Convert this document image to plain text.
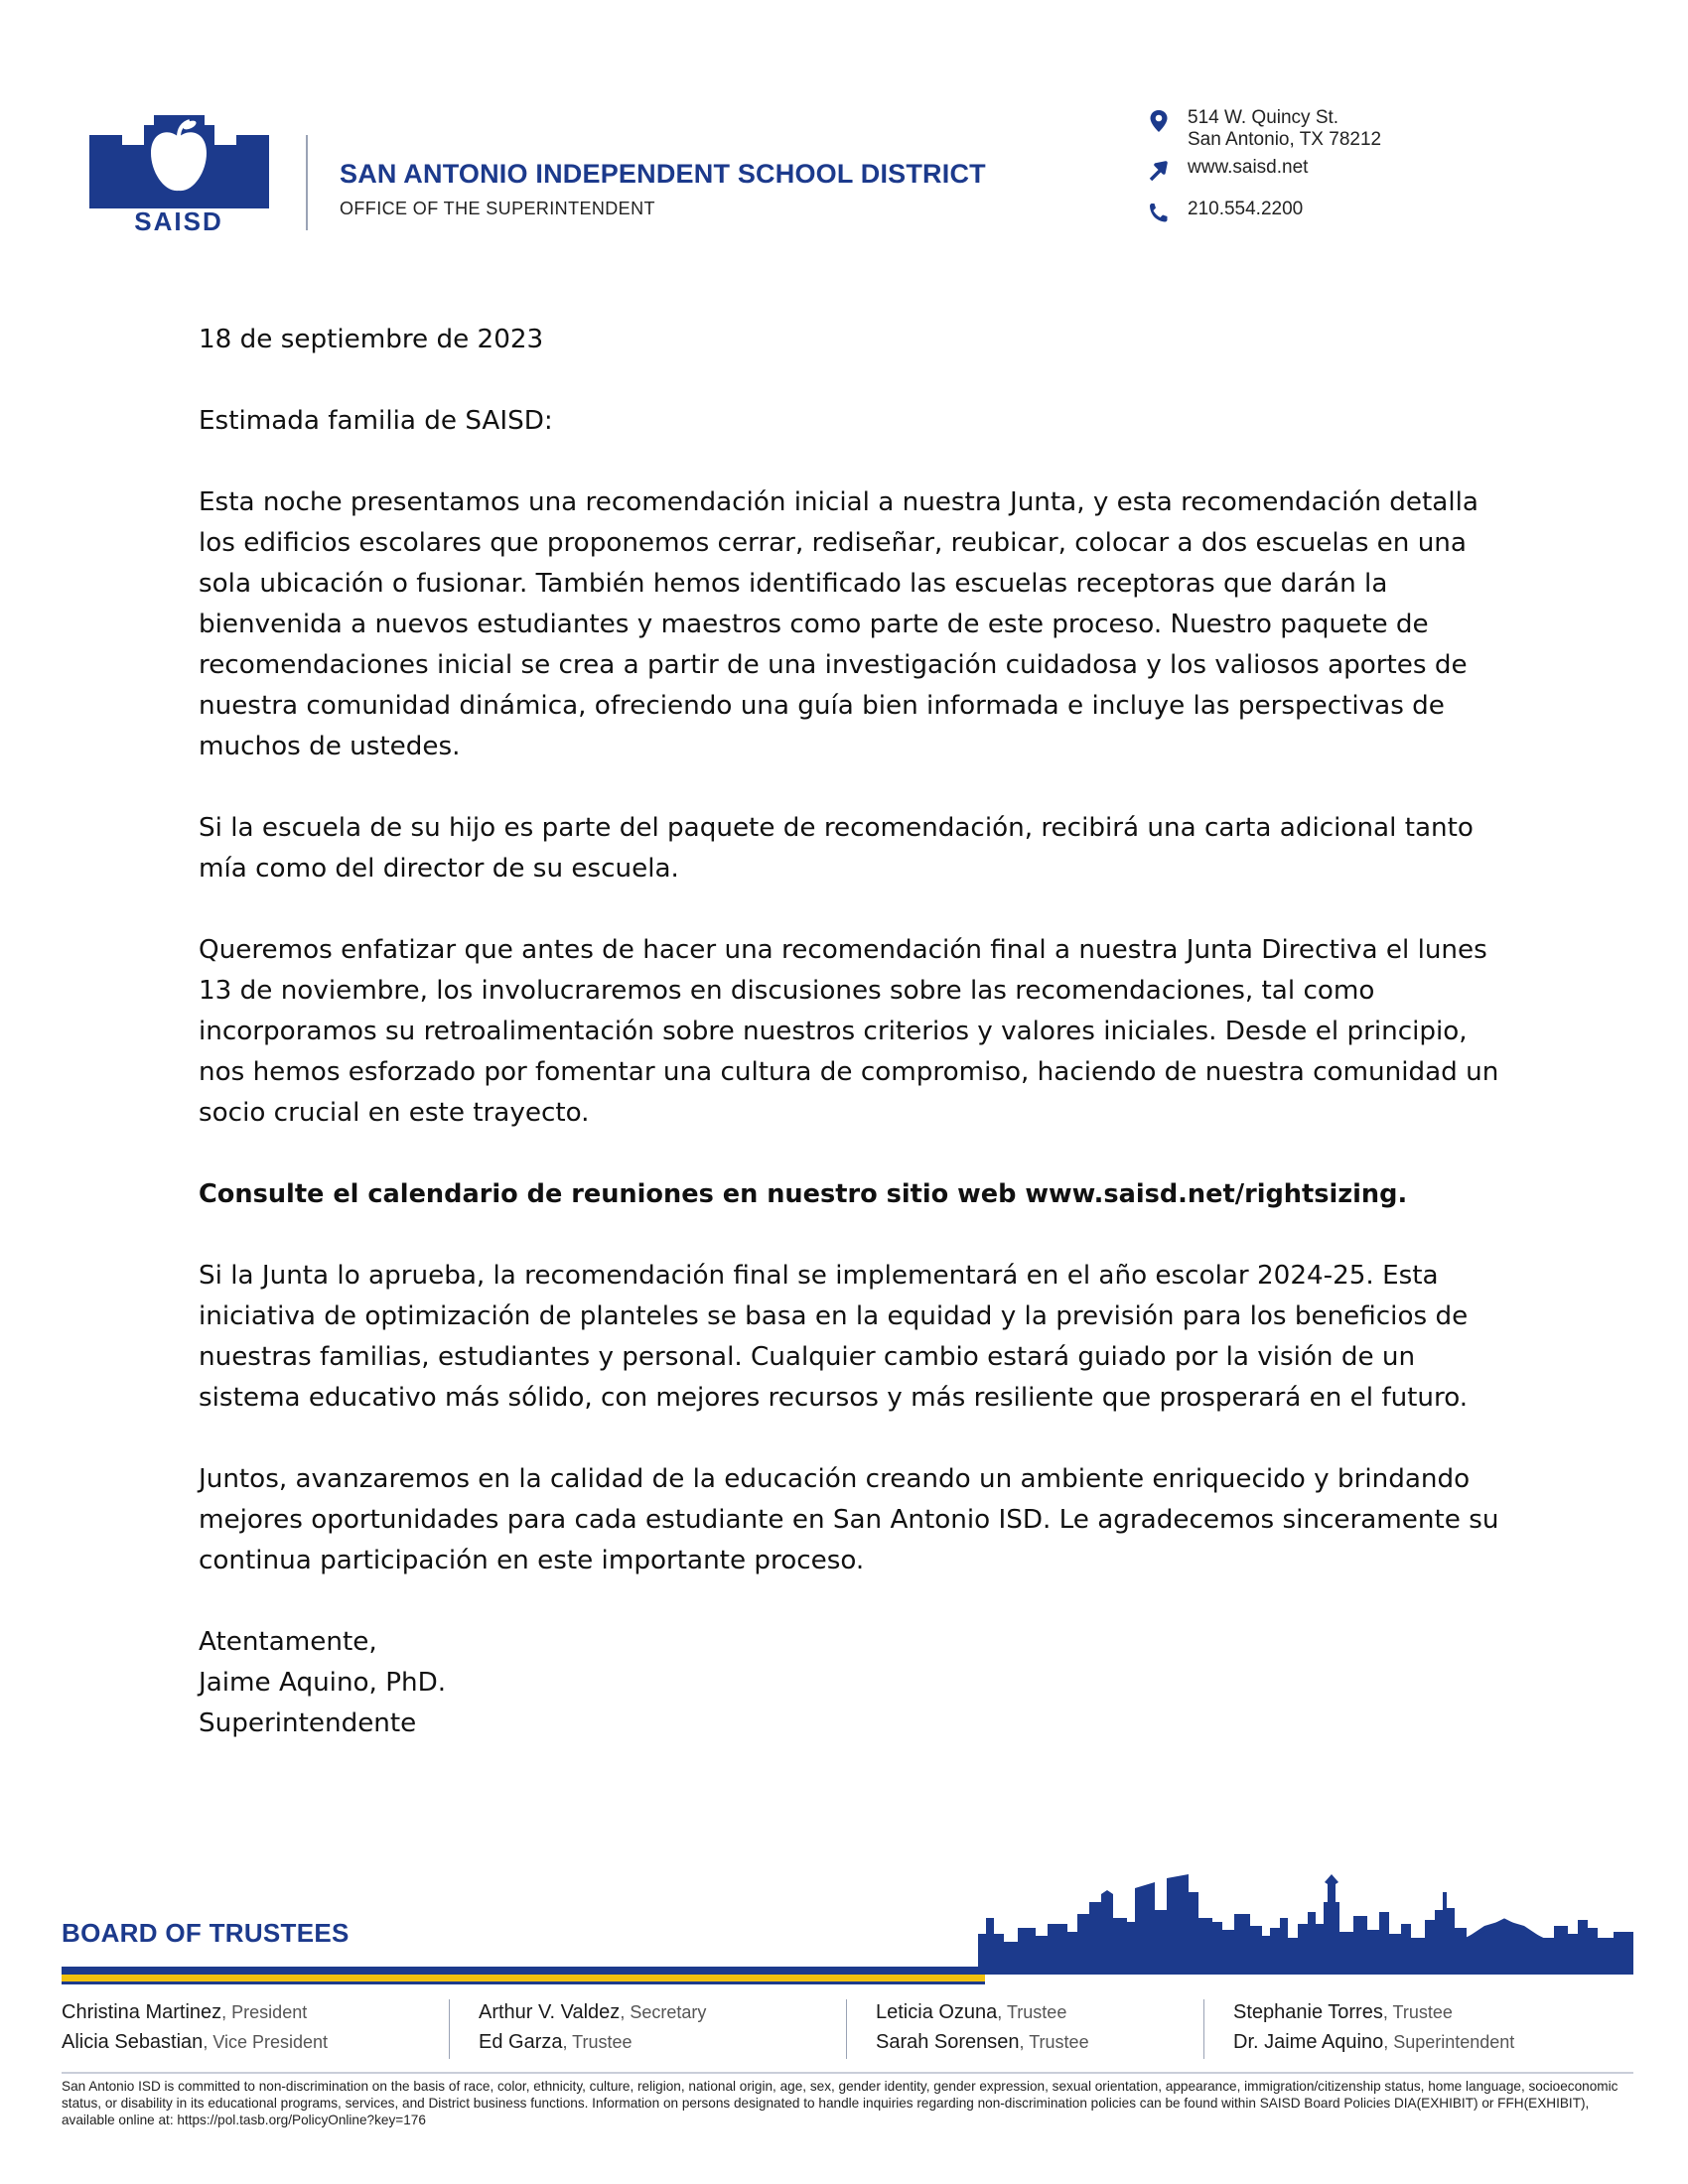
SAISD
SAN ANTONIO INDEPENDENT SCHOOL DISTRICT
OFFICE OF THE SUPERINTENDENT
514 W. Quincy St.
San Antonio, TX 78212
www.saisd.net
210.554.2200

18 de septiembre de 2023

Estimada familia de SAISD:

Esta noche presentamos una recomendación inicial a nuestra Junta, y esta recomendación detalla los edificios escolares que proponemos cerrar, rediseñar, reubicar, colocar a dos escuelas en una sola ubicación o fusionar. También hemos identificado las escuelas receptoras que darán la bienvenida a nuevos estudiantes y maestros como parte de este proceso. Nuestro paquete de recomendaciones inicial se crea a partir de una investigación cuidadosa y los valiosos aportes de nuestra comunidad dinámica, ofreciendo una guía bien informada e incluye las perspectivas de muchos de ustedes.

Si la escuela de su hijo es parte del paquete de recomendación, recibirá una carta adicional tanto mía como del director de su escuela.

Queremos enfatizar que antes de hacer una recomendación final a nuestra Junta Directiva el lunes 13 de noviembre, los involucraremos en discusiones sobre las recomendaciones, tal como incorporamos su retroalimentación sobre nuestros criterios y valores iniciales. Desde el principio, nos hemos esforzado por fomentar una cultura de compromiso, haciendo de nuestra comunidad un socio crucial en este trayecto.

Consulte el calendario de reuniones en nuestro sitio web www.saisd.net/rightsizing.

Si la Junta lo aprueba, la recomendación final se implementará en el año escolar 2024-25. Esta iniciativa de optimización de planteles se basa en la equidad y la previsión para los beneficios de nuestras familias, estudiantes y personal. Cualquier cambio estará guiado por la visión de un sistema educativo más sólido, con mejores recursos y más resiliente que prosperará en el futuro.

Juntos, avanzaremos en la calidad de la educación creando un ambiente enriquecido y brindando mejores oportunidades para cada estudiante en San Antonio ISD. Le agradecemos sinceramente su continua participación en este importante proceso.

Atentamente,
Jaime Aquino, PhD.
Superintendente

BOARD OF TRUSTEES
Christina Martinez, President
Alicia Sebastian, Vice President
Arthur V. Valdez, Secretary
Ed Garza, Trustee
Leticia Ozuna, Trustee
Sarah Sorensen, Trustee
Stephanie Torres, Trustee
Dr. Jaime Aquino, Superintendent
San Antonio ISD is committed to non-discrimination on the basis of race, color, ethnicity, culture, religion, national origin, age, sex, gender identity, gender expression, sexual orientation, appearance, immigration/citizenship status, home language, socioeconomic status, or disability in its educational programs, services, and District business functions. Information on persons designated to handle inquiries regarding non-discrimination policies can be found within SAISD Board Policies DIA(EXHIBIT) or FFH(EXHIBIT), available online at: https://pol.tasb.org/PolicyOnline?key=176
